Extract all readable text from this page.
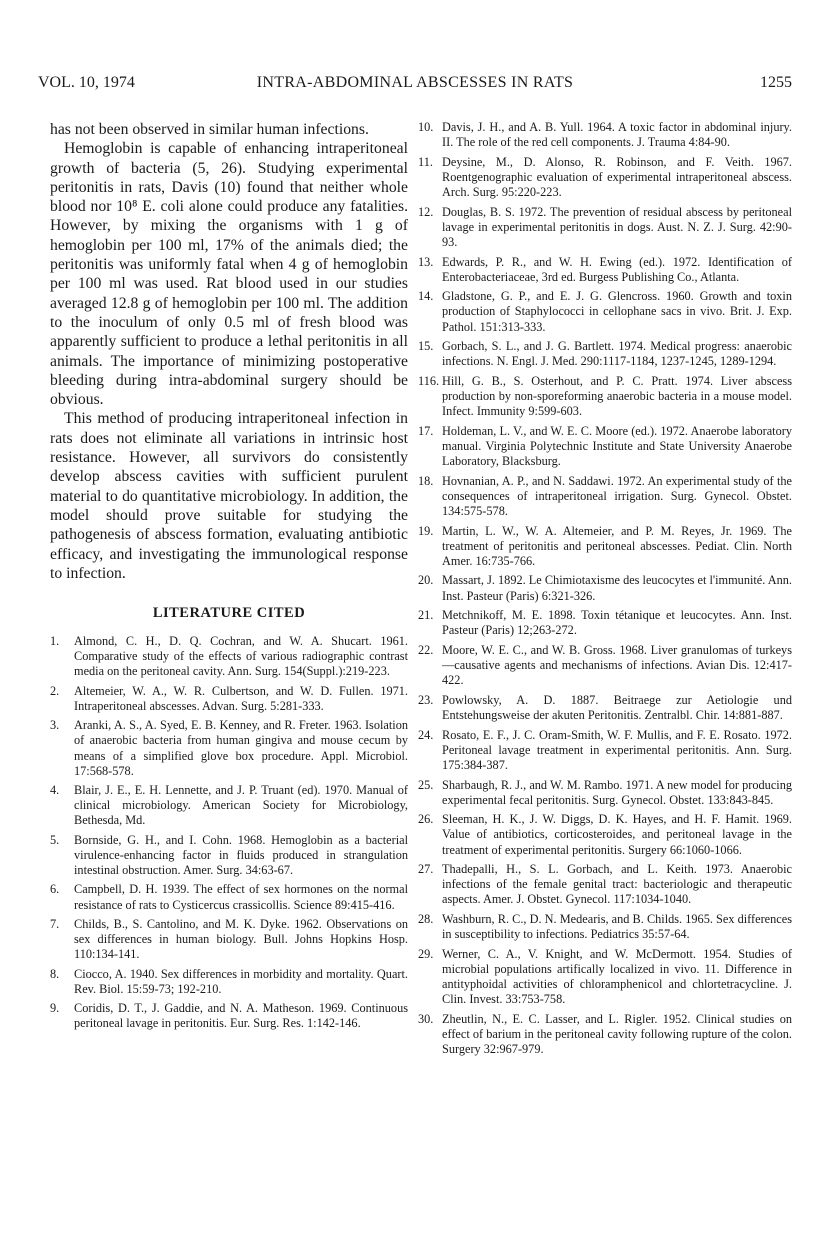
VOL. 10, 1974	INTRA-ABDOMINAL ABSCESSES IN RATS	1255

has not been observed in similar human infections.

Hemoglobin is capable of enhancing intraperitoneal growth of bacteria (5, 26). Studying experimental peritonitis in rats, Davis (10) found that neither whole blood nor 10⁸ E. coli alone could produce any fatalities. However, by mixing the organisms with 1 g of hemoglobin per 100 ml, 17% of the animals died; the peritonitis was uniformly fatal when 4 g of hemoglobin per 100 ml was used. Rat blood used in our studies averaged 12.8 g of hemoglobin per 100 ml. The addition to the inoculum of only 0.5 ml of fresh blood was apparently sufficient to produce a lethal peritonitis in all animals. The importance of minimizing postoperative bleeding during intra-abdominal surgery should be obvious.

This method of producing intraperitoneal infection in rats does not eliminate all variations in intrinsic host resistance. However, all survivors do consistently develop abscess cavities with sufficient purulent material to do quantitative microbiology. In addition, the model should prove suitable for studying the pathogenesis of abscess formation, evaluating antibiotic efficacy, and investigating the immunological response to infection.

LITERATURE CITED
1. Almond, C. H., D. Q. Cochran, and W. A. Shucart. 1961. Comparative study of the effects of various radiographic contrast media on the peritoneal cavity. Ann. Surg. 154(Suppl.):219-223.
2. Altemeier, W. A., W. R. Culbertson, and W. D. Fullen. 1971. Intraperitoneal abscesses. Advan. Surg. 5:281-333.
3. Aranki, A. S., A. Syed, E. B. Kenney, and R. Freter. 1963. Isolation of anaerobic bacteria from human gingiva and mouse cecum by means of a simplified glove box procedure. Appl. Microbiol. 17:568-578.
4. Blair, J. E., E. H. Lennette, and J. P. Truant (ed). 1970. Manual of clinical microbiology. American Society for Microbiology, Bethesda, Md.
5. Bornside, G. H., and I. Cohn. 1968. Hemoglobin as a bacterial virulence-enhancing factor in fluids produced in strangulation intestinal obstruction. Amer. Surg. 34:63-67.
6. Campbell, D. H. 1939. The effect of sex hormones on the normal resistance of rats to Cysticercus crassicollis. Science 89:415-416.
7. Childs, B., S. Cantolino, and M. K. Dyke. 1962. Observations on sex differences in human biology. Bull. Johns Hopkins Hosp. 110:134-141.
8. Ciocco, A. 1940. Sex differences in morbidity and mortality. Quart. Rev. Biol. 15:59-73; 192-210.
9. Coridis, D. T., J. Gaddie, and N. A. Matheson. 1969. Continuous peritoneal lavage in peritonitis. Eur. Surg. Res. 1:142-146.
10. Davis, J. H., and A. B. Yull. 1964. A toxic factor in abdominal injury. II. The role of the red cell components. J. Trauma 4:84-90.
11. Deysine, M., D. Alonso, R. Robinson, and F. Veith. 1967. Roentgenographic evaluation of experimental intraperitoneal abscess. Arch. Surg. 95:220-223.
12. Douglas, B. S. 1972. The prevention of residual abscess by peritoneal lavage in experimental peritonitis in dogs. Aust. N. Z. J. Surg. 42:90-93.
13. Edwards, P. R., and W. H. Ewing (ed.). 1972. Identification of Enterobacteriaceae, 3rd ed. Burgess Publishing Co., Atlanta.
14. Gladstone, G. P., and E. J. G. Glencross. 1960. Growth and toxin production of Staphylococci in cellophane sacs in vivo. Brit. J. Exp. Pathol. 151:313-333.
15. Gorbach, S. L., and J. G. Bartlett. 1974. Medical progress: anaerobic infections. N. Engl. J. Med. 290:1117-1184, 1237-1245, 1289-1294.
116. Hill, G. B., S. Osterhout, and P. C. Pratt. 1974. Liver abscess production by non-sporeforming anaerobic bacteria in a mouse model. Infect. Immunity 9:599-603.
17. Holdeman, L. V., and W. E. C. Moore (ed.). 1972. Anaerobe laboratory manual. Virginia Polytechnic Institute and State University Anaerobe Laboratory, Blacksburg.
18. Hovnanian, A. P., and N. Saddawi. 1972. An experimental study of the consequences of intraperitoneal irrigation. Surg. Gynecol. Obstet. 134:575-578.
19. Martin, L. W., W. A. Altemeier, and P. M. Reyes, Jr. 1969. The treatment of peritonitis and peritoneal abscesses. Pediat. Clin. North Amer. 16:735-766.
20. Massart, J. 1892. Le Chimiotaxisme des leucocytes et l'immunité. Ann. Inst. Pasteur (Paris) 6:321-326.
21. Metchnikoff, M. E. 1898. Toxin tétanique et leucocytes. Ann. Inst. Pasteur (Paris) 12;263-272.
22. Moore, W. E. C., and W. B. Gross. 1968. Liver granulomas of turkeys—causative agents and mechanisms of infections. Avian Dis. 12:417-422.
23. Powlowsky, A. D. 1887. Beitraege zur Aetiologie und Entstehungsweise der akuten Peritonitis. Zentralbl. Chir. 14:881-887.
24. Rosato, E. F., J. C. Oram-Smith, W. F. Mullis, and F. E. Rosato. 1972. Peritoneal lavage treatment in experimental peritonitis. Ann. Surg. 175:384-387.
25. Sharbaugh, R. J., and W. M. Rambo. 1971. A new model for producing experimental fecal peritonitis. Surg. Gynecol. Obstet. 133:843-845.
26. Sleeman, H. K., J. W. Diggs, D. K. Hayes, and H. F. Hamit. 1969. Value of antibiotics, corticosteroides, and peritoneal lavage in the treatment of experimental peritonitis. Surgery 66:1060-1066.
27. Thadepalli, H., S. L. Gorbach, and L. Keith. 1973. Anaerobic infections of the female genital tract: bacteriologic and therapeutic aspects. Amer. J. Obstet. Gynecol. 117:1034-1040.
28. Washburn, R. C., D. N. Medearis, and B. Childs. 1965. Sex differences in susceptibility to infections. Pediatrics 35:57-64.
29. Werner, C. A., V. Knight, and W. McDermott. 1954. Studies of microbial populations artifically localized in vivo. 11. Difference in antityphoidal activities of chloramphenicol and chlortetracycline. J. Clin. Invest. 33:753-758.
30. Zheutlin, N., E. C. Lasser, and L. Rigler. 1952. Clinical studies on effect of barium in the peritoneal cavity following rupture of the colon. Surgery 32:967-979.
